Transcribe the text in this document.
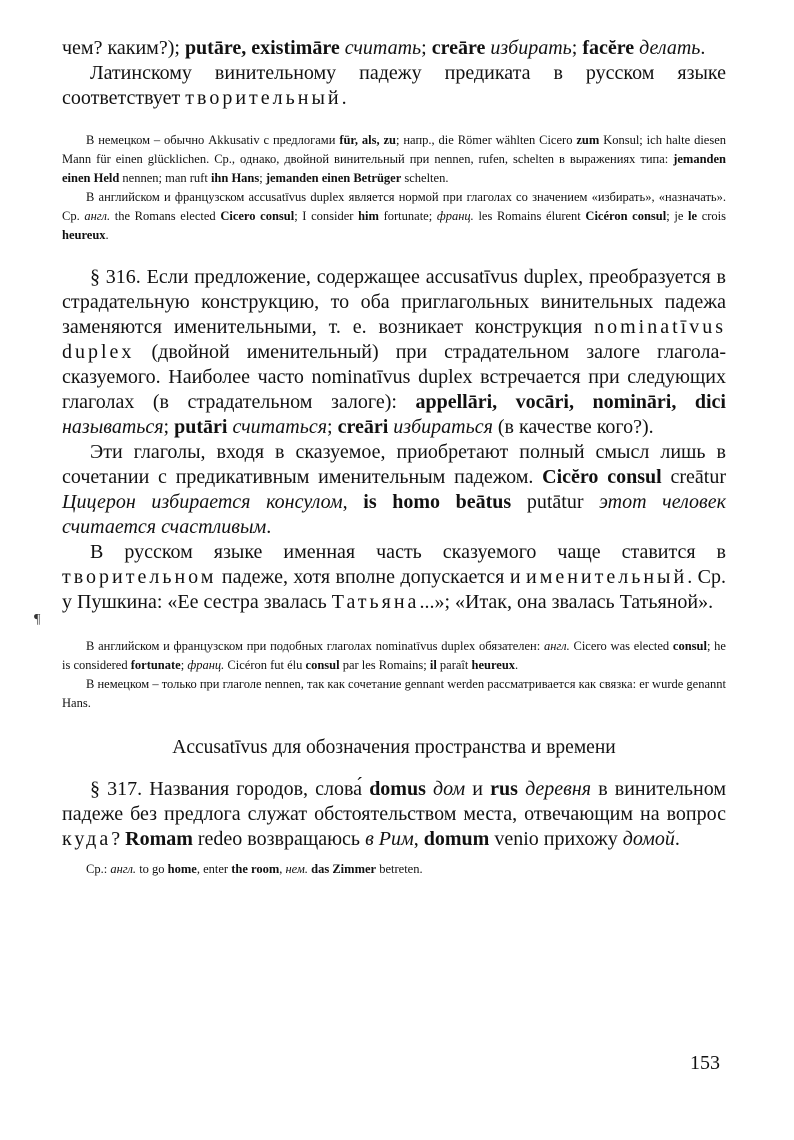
чем? каким?); putāre, existimāre считать; creāre избирать; facĕre делать.

Латинскому винительному падежу предиката в русском языке соответствует творительный.

В немецком – обычно Akkusativ с предлогами für, als, zu; напр., die Römer wählten Cicero zum Konsul; ich halte diesen Mann für einen glücklichen. Ср., однако, двойной винительный при nennen, rufen, schelten в выражениях типа: jemanden einen Held nennen; man ruft ihn Hans; jemanden einen Betrüger schelten.

В английском и французском accusatīvus duplex является нормой при глаголах со значением «избирать», «назначать». Ср. англ. the Romans elected Cicero consul; I consider him fortunate; франц. les Romains élurent Cicéron consul; je le crois heureux.

§ 316. Если предложение, содержащее accusatīvus duplex, преобразуется в страдательную конструкцию, то оба приглагольных винительных падежа заменяются именительными, т. е. возникает конструкция nominatīvus duplex (двойной именительный) при страдательном залоге глагола-сказуемого. Наиболее часто nominatīvus duplex встречается при следующих глаголах (в страдательном залоге): appellāri, vocāri, nomināri, dici называться; putāri считаться; creāri избираться (в качестве кого?).

Эти глаголы, входя в сказуемое, приобретают полный смысл лишь в сочетании с предикативным именительным падежом. Cicĕro consul creātur Цицерон избирается консулом, is homo beātus putātur этот человек считается счастливым.

В русском языке именная часть сказуемого чаще ставится в творительном падеже, хотя вполне допускается и именительный. Ср. у Пушкина: «Ее сестра звалась Татьяна...»; «Итак, она звалась Татьяной».

В английском и французском при подобных глаголах nominatīvus duplex обязателен: англ. Cicero was elected consul; he is considered fortunate; франц. Cicéron fut élu consul par les Romains; il paraît heureux.

В немецком – только при глаголе nennen, так как сочетание gennant werden рассматривается как связка: er wurde genannt Hans.

Accusatīvus для обозначения пространства и времени

§ 317. Названия городов, слова́ domus дом и rus деревня в винительном падеже без предлога служат обстоятельством места, отвечающим на вопрос куда? Romam redeo возвращаюсь в Рим, domum venio прихожу домой.

Ср.: англ. to go home, enter the room, нем. das Zimmer betreten.

¶
153
